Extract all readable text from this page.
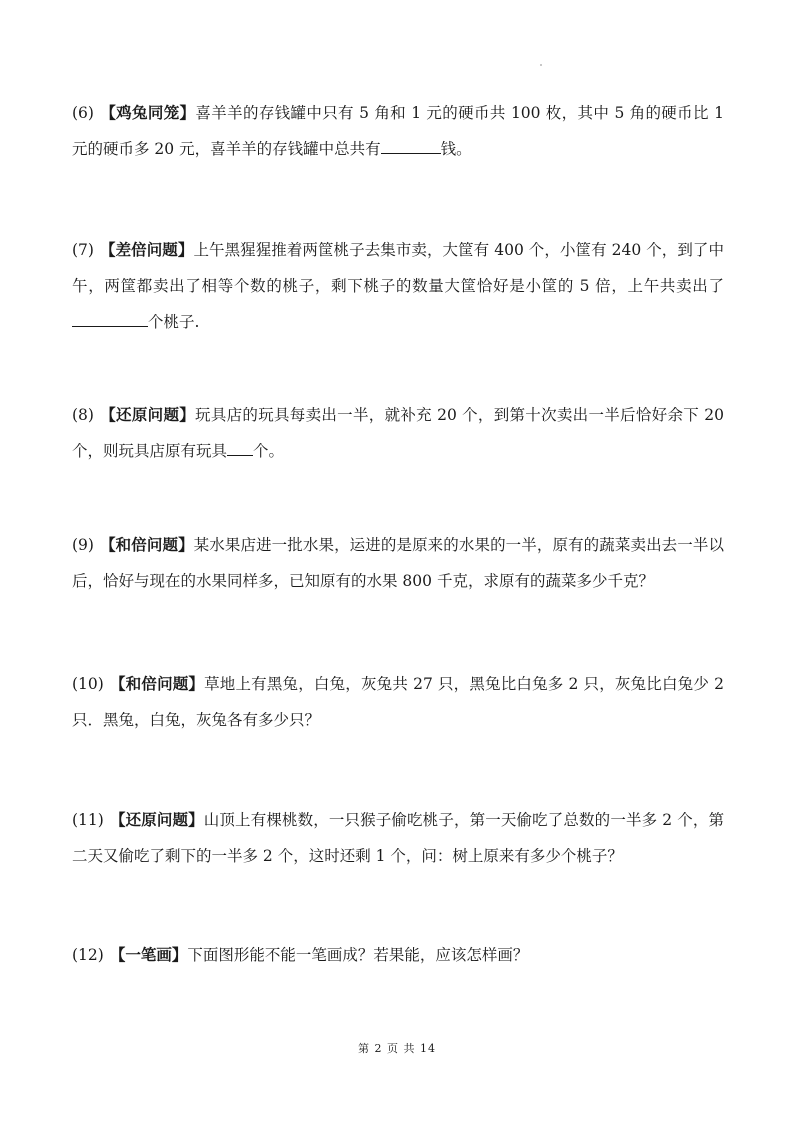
(6) 【鸡兔同笼】喜羊羊的存钱罐中只有 5 角和 1 元的硬币共 100 枚，其中 5 角的硬币比 1 元的硬币多 20 元，喜羊羊的存钱罐中总共有	钱。
(7) 【差倍问题】上午黑猩猩推着两筐桃子去集市卖，大筐有 400 个，小筐有 240 个，到了中午，两筐都卖出了相等个数的桃子，剩下桃子的数量大筐恰好是小筐的 5 倍，上午共卖出了个桃子.
(8) 【还原问题】玩具店的玩具每卖出一半，就补充 20 个，到第十次卖出一半后恰好余下 20 个，则玩具店原有玩具 个。
(9) 【和倍问题】某水果店进一批水果，运进的是原来的水果的一半，原有的蔬菜卖出去一半以后，恰好与现在的水果同样多，已知原有的水果 800 千克，求原有的蔬菜多少千克？
(10) 【和倍问题】草地上有黑兔，白兔，灰兔共 27 只，黑兔比白兔多 2 只，灰兔比白兔少 2 只．黑兔，白兔，灰兔各有多少只？
(11) 【还原问题】山顶上有棵桃数，一只猴子偷吃桃子，第一天偷吃了总数的一半多 2 个，第二天又偷吃了剩下的一半多 2 个，这时还剩 1 个，问：树上原来有多少个桃子？
(12) 【一笔画】下面图形能不能一笔画成？若果能，应该怎样画？
第 2 页 共 14
